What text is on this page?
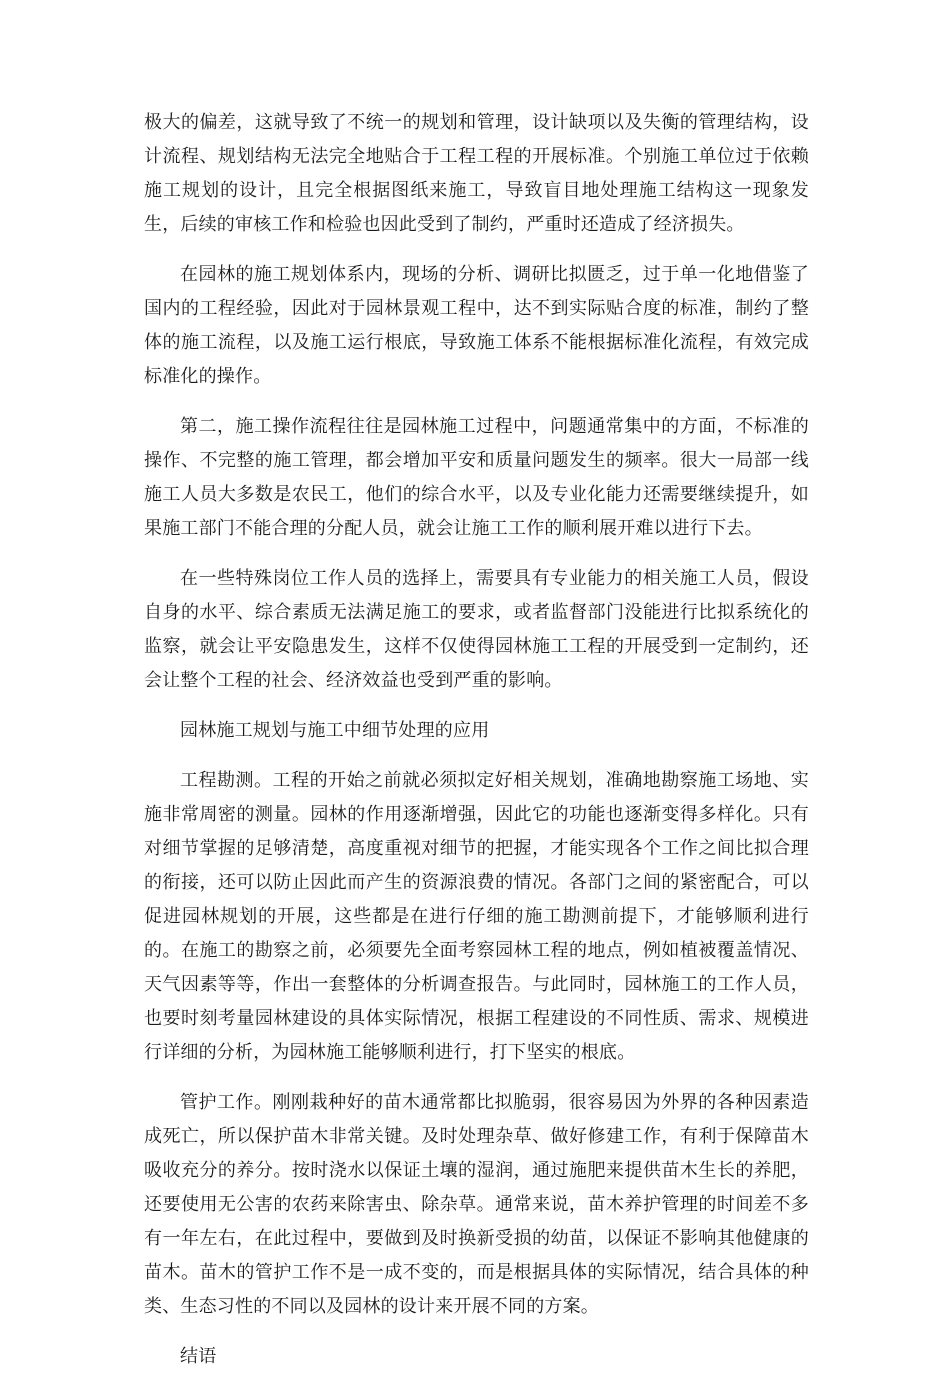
极大的偏差，这就导致了不统一的规划和管理，设计缺项以及失衡的管理结构，设计流程、规划结构无法完全地贴合于工程工程的开展标准。个别施工单位过于依赖施工规划的设计，且完全根据图纸来施工，导致盲目地处理施工结构这一现象发生，后续的审核工作和检验也因此受到了制约，严重时还造成了经济损失。

在园林的施工规划体系内，现场的分析、调研比拟匮乏，过于单一化地借鉴了国内的工程经验，因此对于园林景观工程中，达不到实际贴合度的标准，制约了整体的施工流程，以及施工运行根底，导致施工体系不能根据标准化流程，有效完成标准化的操作。

第二，施工操作流程往往是园林施工过程中，问题通常集中的方面，不标准的操作、不完整的施工管理，都会增加平安和质量问题发生的频率。很大一局部一线施工人员大多数是农民工，他们的综合水平，以及专业化能力还需要继续提升，如果施工部门不能合理的分配人员，就会让施工工作的顺利展开难以进行下去。

在一些特殊岗位工作人员的选择上，需要具有专业能力的相关施工人员，假设自身的水平、综合素质无法满足施工的要求，或者监督部门没能进行比拟系统化的监察，就会让平安隐患发生，这样不仅使得园林施工工程的开展受到一定制约，还会让整个工程的社会、经济效益也受到严重的影响。

园林施工规划与施工中细节处理的应用

工程勘测。工程的开始之前就必须拟定好相关规划，准确地勘察施工场地、实施非常周密的测量。园林的作用逐渐增强，因此它的功能也逐渐变得多样化。只有对细节掌握的足够清楚，高度重视对细节的把握，才能实现各个工作之间比拟合理的衔接，还可以防止因此而产生的资源浪费的情况。各部门之间的紧密配合，可以促进园林规划的开展，这些都是在进行仔细的施工勘测前提下，才能够顺利进行的。在施工的勘察之前，必须要先全面考察园林工程的地点，例如植被覆盖情况、天气因素等等，作出一套整体的分析调查报告。与此同时，园林施工的工作人员，也要时刻考量园林建设的具体实际情况，根据工程建设的不同性质、需求、规模进行详细的分析，为园林施工能够顺利进行，打下坚实的根底。

管护工作。刚刚栽种好的苗木通常都比拟脆弱，很容易因为外界的各种因素造成死亡，所以保护苗木非常关键。及时处理杂草、做好修建工作，有利于保障苗木吸收充分的养分。按时浇水以保证土壤的湿润，通过施肥来提供苗木生长的养肥，还要使用无公害的农药来除害虫、除杂草。通常来说，苗木养护管理的时间差不多有一年左右，在此过程中，要做到及时换新受损的幼苗，以保证不影响其他健康的苗木。苗木的管护工作不是一成不变的，而是根据具体的实际情况，结合具体的种类、生态习性的不同以及园林的设计来开展不同的方案。

结语
